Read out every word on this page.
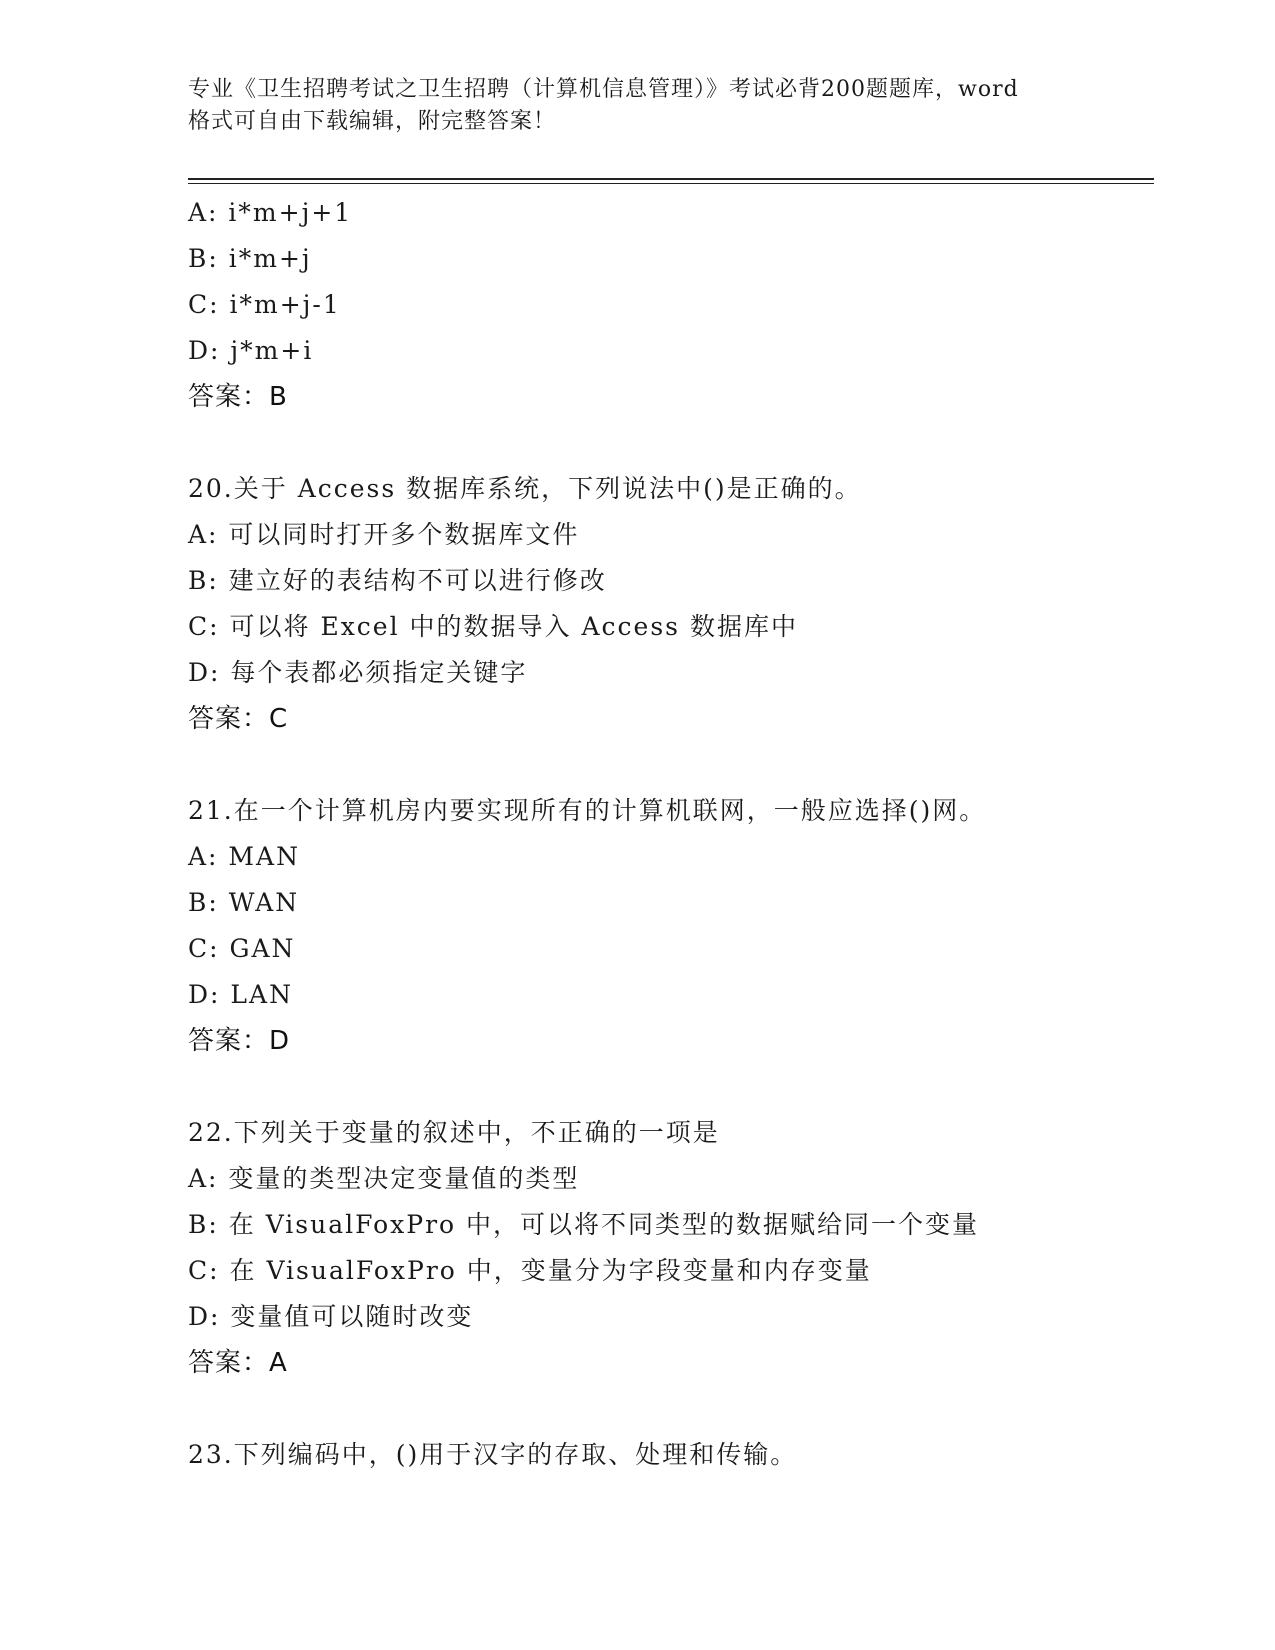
专业《卫生招聘考试之卫生招聘（计算机信息管理）》考试必背200题题库，word
格式可自由下载编辑，附完整答案！
A: i*m+j+1
B: i*m+j
C: i*m+j-1
D: j*m+i
答案：B
20.关于 Access 数据库系统，下列说法中()是正确的。
A: 可以同时打开多个数据库文件
B: 建立好的表结构不可以进行修改
C: 可以将 Excel 中的数据导入 Access 数据库中
D: 每个表都必须指定关键字
答案：C
21.在一个计算机房内要实现所有的计算机联网，一般应选择()网。
A: MAN
B: WAN
C: GAN
D: LAN
答案：D
22.下列关于变量的叙述中，不正确的一项是
A: 变量的类型决定变量值的类型
B: 在 VisualFoxPro 中，可以将不同类型的数据赋给同一个变量
C: 在 VisualFoxPro 中，变量分为字段变量和内存变量
D: 变量值可以随时改变
答案：A
23.下列编码中，()用于汉字的存取、处理和传输。
